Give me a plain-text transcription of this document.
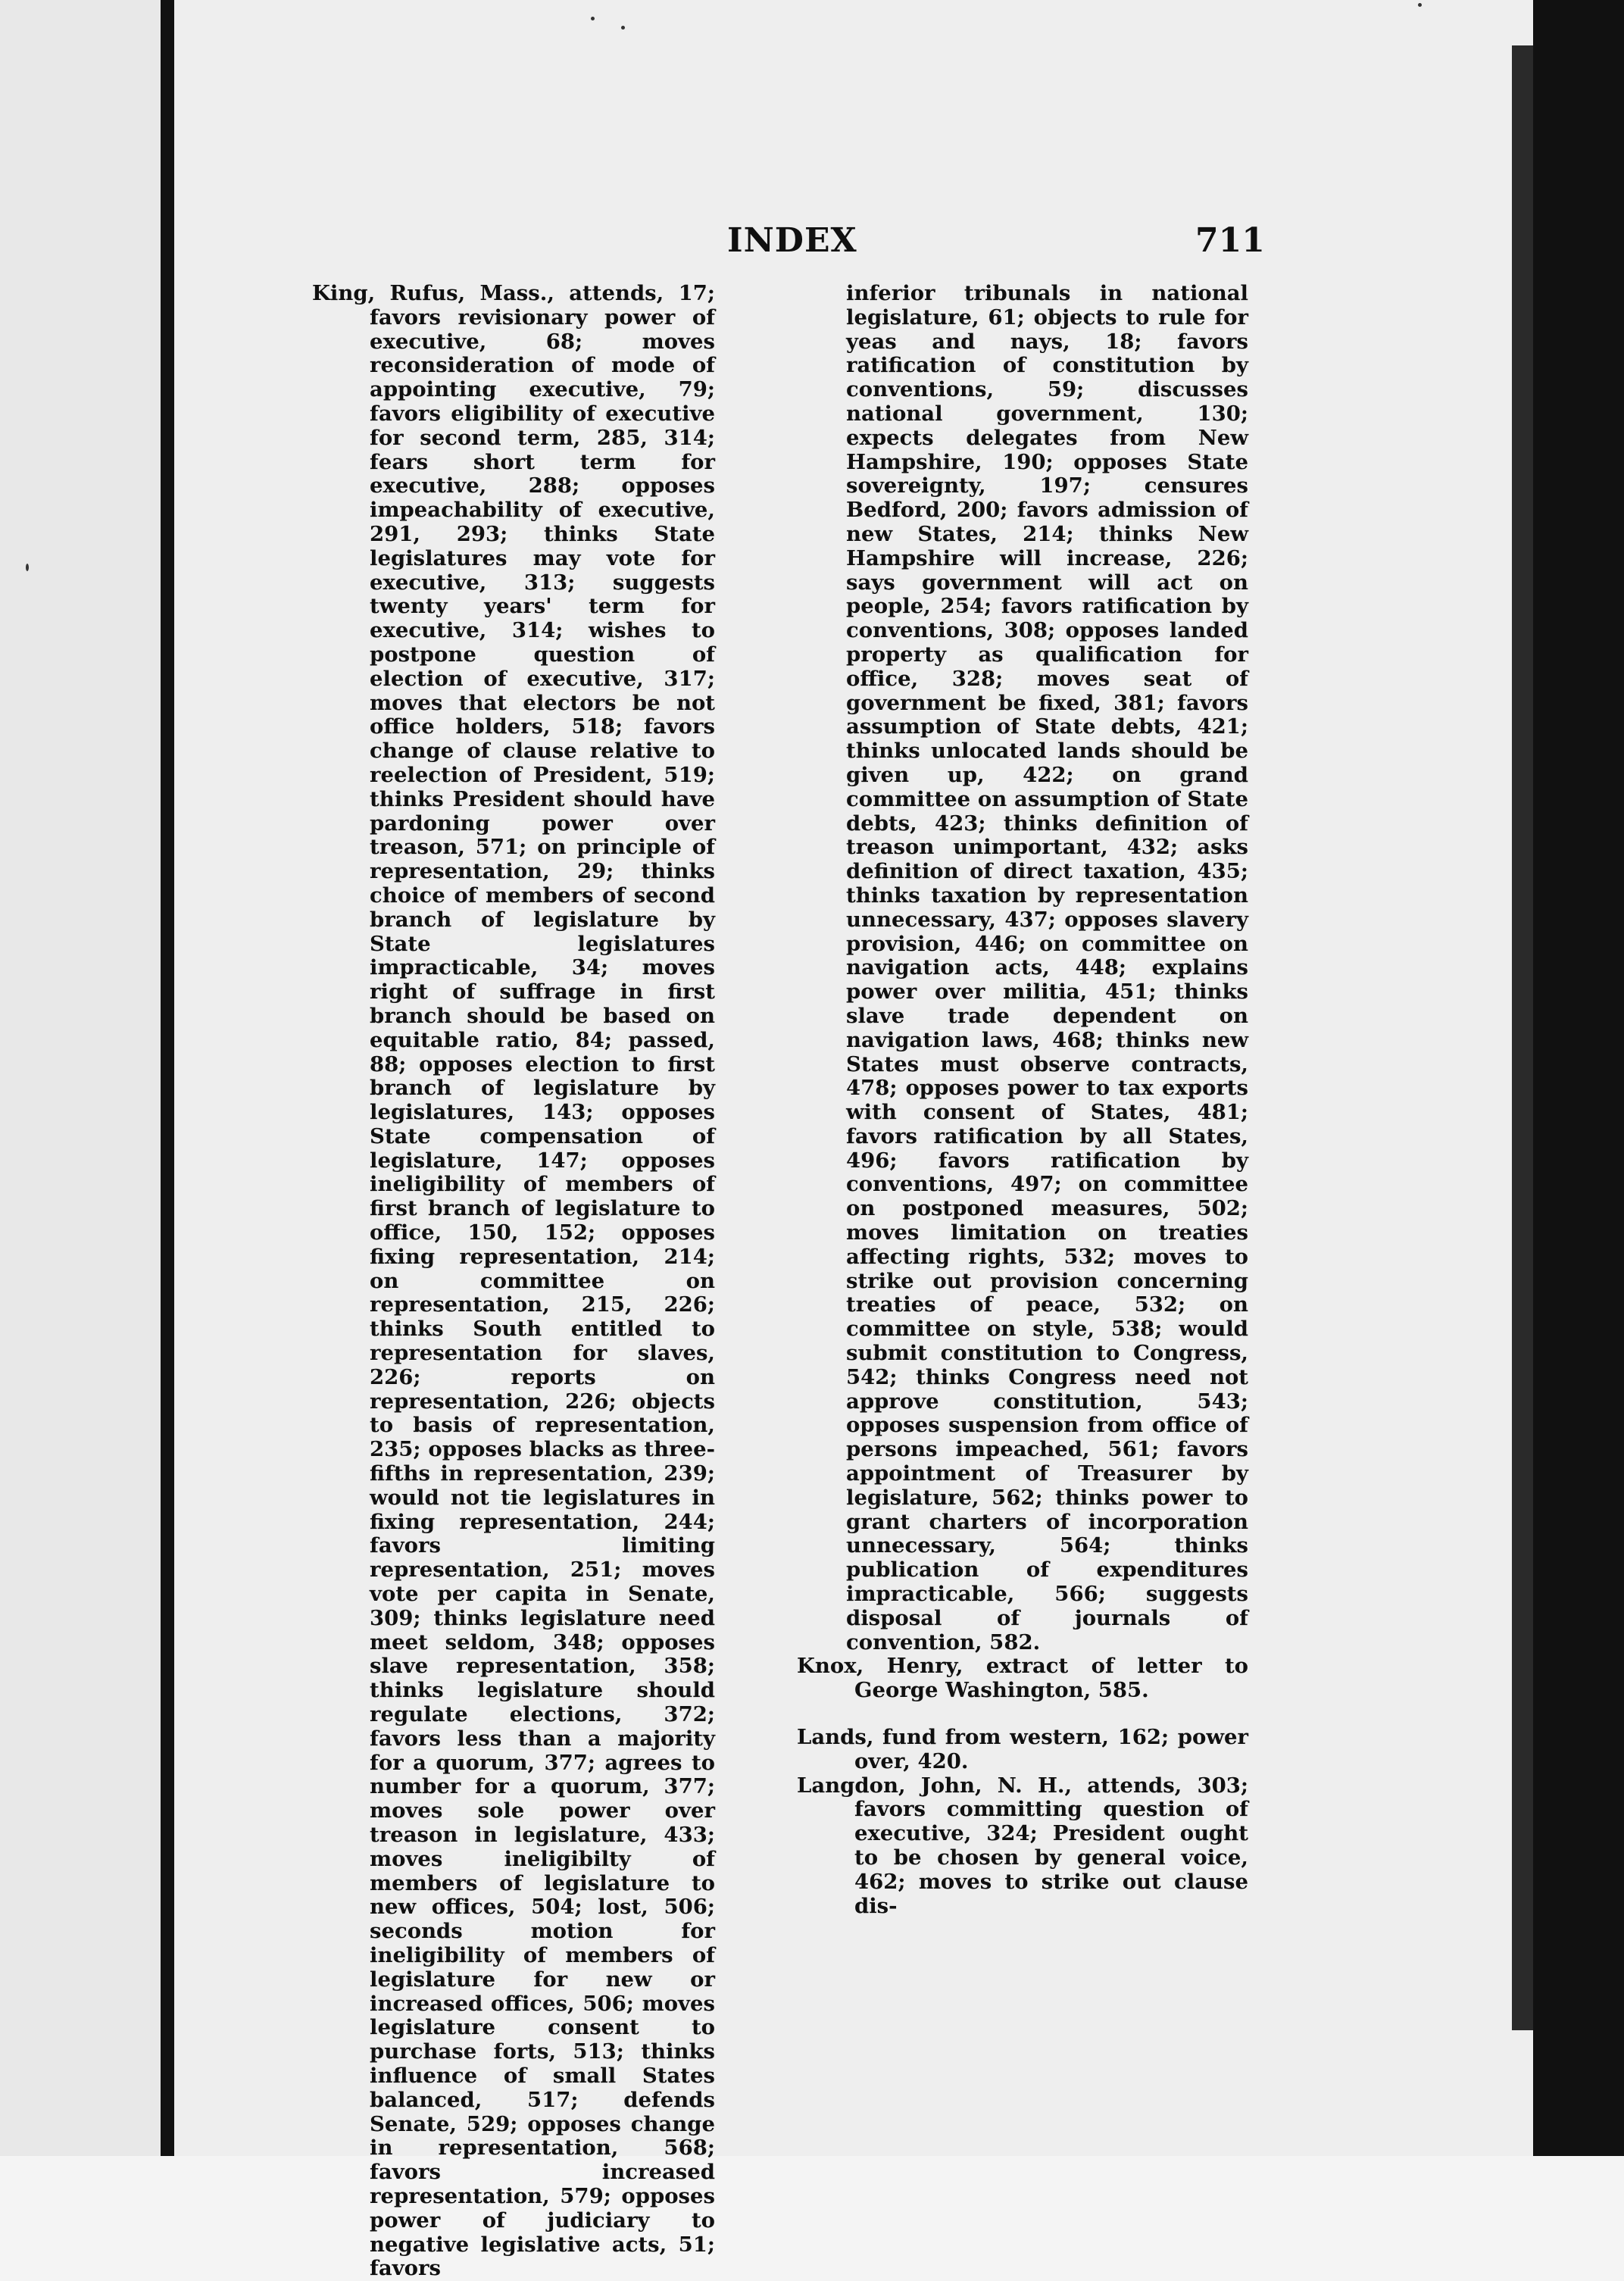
INDEX	711

King, Rufus, Mass., attends, 17; favors revisionary power of executive, 68; moves reconsideration of mode of appointing executive, 79; favors eligibility of executive for second term, 285, 314; fears short term for executive, 288; opposes impeachability of executive, 291, 293; thinks State legislatures may vote for executive, 313; suggests twenty years' term for executive, 314; wishes to postpone question of election of executive, 317; moves that electors be not office holders, 518; favors change of clause relative to reelection of President, 519; thinks President should have pardoning power over treason, 571; on principle of representation, 29; thinks choice of members of second branch of legislature by State legislatures impracticable, 34; moves right of suffrage in first branch should be based on equitable ratio, 84; passed, 88; opposes election to first branch of legislature by legislatures, 143; opposes State compensation of legislature, 147; opposes ineligibility of members of first branch of legislature to office, 150, 152; opposes fixing representation, 214; on committee on representation, 215, 226; thinks South entitled to representation for slaves, 226; reports on representation, 226; objects to basis of representation, 235; opposes blacks as three-fifths in representation, 239; would not tie legislatures in fixing representation, 244; favors limiting representation, 251; moves vote per capita in Senate, 309; thinks legislature need meet seldom, 348; opposes slave representation, 358; thinks legislature should regulate elections, 372; favors less than a majority for a quorum, 377; agrees to number for a quorum, 377; moves sole power over treason in legislature, 433; moves ineligibilty of members of legislature to new offices, 504; lost, 506; seconds motion for ineligibility of members of legislature for new or increased offices, 506; moves legislature consent to purchase forts, 513; thinks influence of small States balanced, 517; defends Senate, 529; opposes change in representation, 568; favors increased representation, 579; opposes power of judiciary to negative legislative acts, 51; favors

inferior tribunals in national legislature, 61; objects to rule for yeas and nays, 18; favors ratification of constitution by conventions, 59; discusses national government, 130; expects delegates from New Hampshire, 190; opposes State sovereignty, 197; censures Bedford, 200; favors admission of new States, 214; thinks New Hampshire will increase, 226; says government will act on people, 254; favors ratification by conventions, 308; opposes landed property as qualification for office, 328; moves seat of government be fixed, 381; favors assumption of State debts, 421; thinks unlocated lands should be given up, 422; on grand committee on assumption of State debts, 423; thinks definition of treason unimportant, 432; asks definition of direct taxation, 435; thinks taxation by representation unnecessary, 437; opposes slavery provision, 446; on committee on navigation acts, 448; explains power over militia, 451; thinks slave trade dependent on navigation laws, 468; thinks new States must observe contracts, 478; opposes power to tax exports with consent of States, 481; favors ratification by all States, 496; favors ratification by conventions, 497; on committee on postponed measures, 502; moves limitation on treaties affecting rights, 532; moves to strike out provision concerning treaties of peace, 532; on committee on style, 538; would submit constitution to Congress, 542; thinks Congress need not approve constitution, 543; opposes suspension from office of persons impeached, 561; favors appointment of Treasurer by legislature, 562; thinks power to grant charters of incorporation unnecessary, 564; thinks publication of expenditures impracticable, 566; suggests disposal of journals of convention, 582.

Knox, Henry, extract of letter to George Washington, 585.

Lands, fund from western, 162; power over, 420.

Langdon, John, N. H., attends, 303; favors committing question of executive, 324; President ought to be chosen by general voice, 462; moves to strike out clause dis-
